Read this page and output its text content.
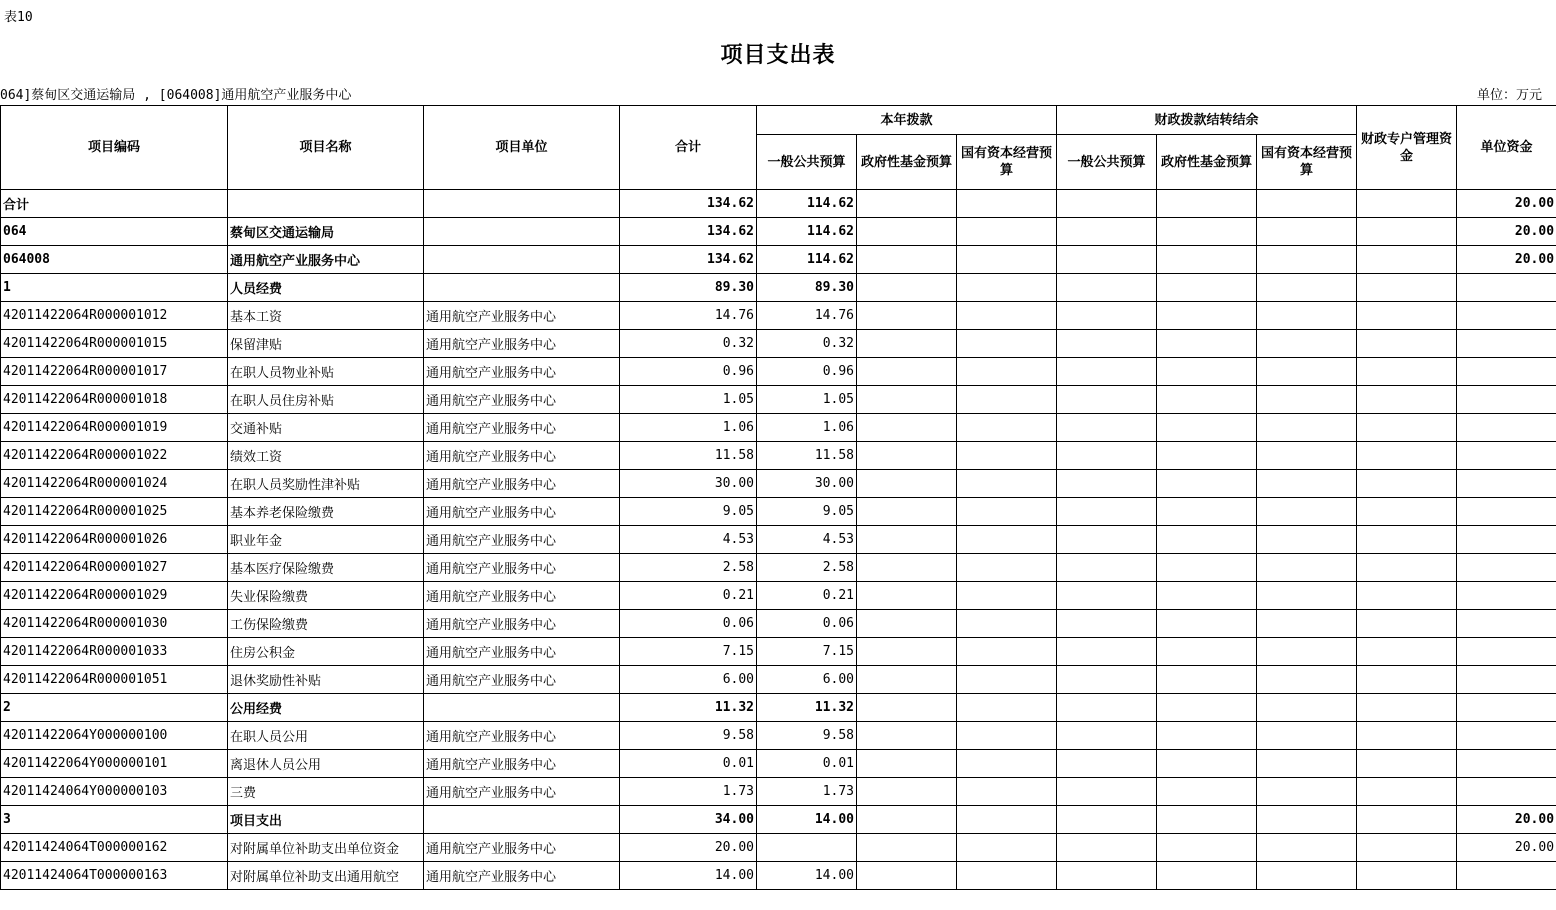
表10
项目支出表
064]蔡甸区交通运输局 , [064008]通用航空产业服务中心	单位：万元
项目编码	项目名称	项目单位	合计	本年拨款			财政拨款结转结余			财政专户管理资金	单位资金
				一般公共预算	政府性基金预算	国有资本经营预算	一般公共预算	政府性基金预算	国有资本经营预算		
合计			134.62	114.62							20.00
064	蔡甸区交通运输局		134.62	114.62							20.00
064008	通用航空产业服务中心		134.62	114.62							20.00
1	人员经费		89.30	89.30							
42011422064R000001012	基本工资	通用航空产业服务中心	14.76	14.76							
42011422064R000001015	保留津贴	通用航空产业服务中心	0.32	0.32							
42011422064R000001017	在职人员物业补贴	通用航空产业服务中心	0.96	0.96							
42011422064R000001018	在职人员住房补贴	通用航空产业服务中心	1.05	1.05							
42011422064R000001019	交通补贴	通用航空产业服务中心	1.06	1.06							
42011422064R000001022	绩效工资	通用航空产业服务中心	11.58	11.58							
42011422064R000001024	在职人员奖励性津补贴	通用航空产业服务中心	30.00	30.00							
42011422064R000001025	基本养老保险缴费	通用航空产业服务中心	9.05	9.05							
42011422064R000001026	职业年金	通用航空产业服务中心	4.53	4.53							
42011422064R000001027	基本医疗保险缴费	通用航空产业服务中心	2.58	2.58							
42011422064R000001029	失业保险缴费	通用航空产业服务中心	0.21	0.21							
42011422064R000001030	工伤保险缴费	通用航空产业服务中心	0.06	0.06							
42011422064R000001033	住房公积金	通用航空产业服务中心	7.15	7.15							
42011422064R000001051	退休奖励性补贴	通用航空产业服务中心	6.00	6.00							
2	公用经费		11.32	11.32							
42011422064Y000000100	在职人员公用	通用航空产业服务中心	9.58	9.58							
42011422064Y000000101	离退休人员公用	通用航空产业服务中心	0.01	0.01							
42011424064Y000000103	三费	通用航空产业服务中心	1.73	1.73							
3	项目支出		34.00	14.00							20.00
42011424064T000000162	对附属单位补助支出单位资金	通用航空产业服务中心	20.00								20.00
42011424064T000000163	对附属单位补助支出通用航空	通用航空产业服务中心	14.00	14.00							
